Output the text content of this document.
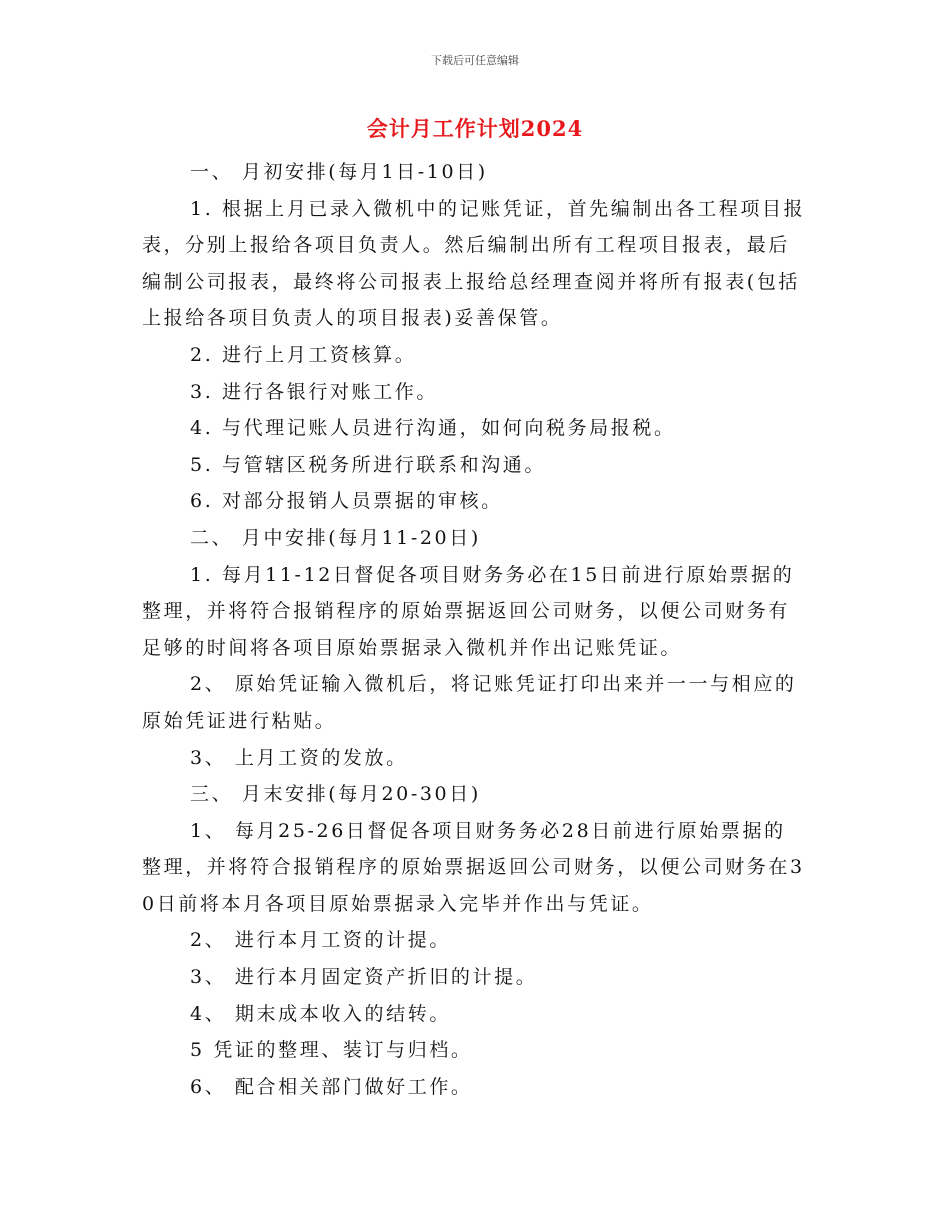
下载后可任意编辑
会计月工作计划2024

一、 月初安排(每月1日-10日)

1. 根据上月已录入微机中的记账凭证，首先编制出各工程项目报表，分别上报给各项目负责人。然后编制出所有工程项目报表，最后编制公司报表，最终将公司报表上报给总经理查阅并将所有报表(包括上报给各项目负责人的项目报表)妥善保管。

2. 进行上月工资核算。

3. 进行各银行对账工作。

4. 与代理记账人员进行沟通，如何向税务局报税。

5. 与管辖区税务所进行联系和沟通。

6. 对部分报销人员票据的审核。

二、 月中安排(每月11-20日)

1. 每月11-12日督促各项目财务务必在15日前进行原始票据的整理，并将符合报销程序的原始票据返回公司财务，以便公司财务有足够的时间将各项目原始票据录入微机并作出记账凭证。

2、 原始凭证输入微机后，将记账凭证打印出来并一一与相应的原始凭证进行粘贴。

3、 上月工资的发放。

三、 月末安排(每月20-30日)

1、 每月25-26日督促各项目财务务必28日前进行原始票据的整理，并将符合报销程序的原始票据返回公司财务，以便公司财务在30日前将本月各项目原始票据录入完毕并作出与凭证。

2、 进行本月工资的计提。

3、 进行本月固定资产折旧的计提。

4、 期末成本收入的结转。

5 凭证的整理、装订与归档。

6、 配合相关部门做好工作。
